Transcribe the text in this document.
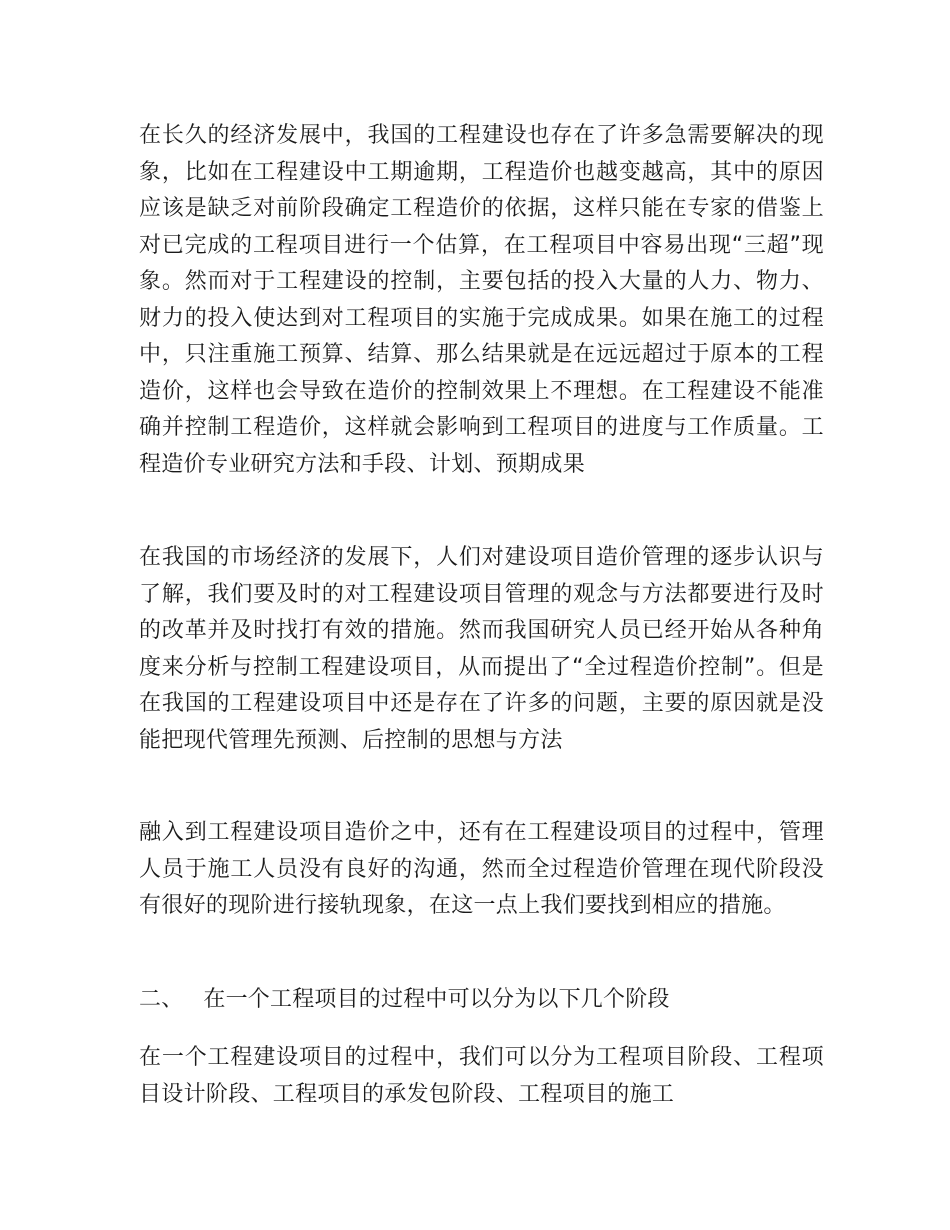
在长久的经济发展中，我国的工程建设也存在了许多急需要解决的现象，比如在工程建设中工期逾期，工程造价也越变越高，其中的原因应该是缺乏对前阶段确定工程造价的依据，这样只能在专家的借鉴上对已完成的工程项目进行一个估算，在工程项目中容易出现“三超”现象。然而对于工程建设的控制，主要包括的投入大量的人力、物力、财力的投入使达到对工程项目的实施于完成成果。如果在施工的过程中，只注重施工预算、结算、那么结果就是在远远超过于原本的工程造价，这样也会导致在造价的控制效果上不理想。在工程建设不能准确并控制工程造价，这样就会影响到工程项目的进度与工作质量。工程造价专业研究方法和手段、计划、预期成果

在我国的市场经济的发展下，人们对建设项目造价管理的逐步认识与了解，我们要及时的对工程建设项目管理的观念与方法都要进行及时的改革并及时找打有效的措施。然而我国研究人员已经开始从各种角度来分析与控制工程建设项目，从而提出了“全过程造价控制”。但是在我国的工程建设项目中还是存在了许多的问题，主要的原因就是没能把现代管理先预测、后控制的思想与方法

融入到工程建设项目造价之中，还有在工程建设项目的过程中，管理人员于施工人员没有良好的沟通，然而全过程造价管理在现代阶段没有很好的现阶进行接轨现象，在这一点上我们要找到相应的措施。

二、 在一个工程项目的过程中可以分为以下几个阶段

在一个工程建设项目的过程中，我们可以分为工程项目阶段、工程项目设计阶段、工程项目的承发包阶段、工程项目的施工
